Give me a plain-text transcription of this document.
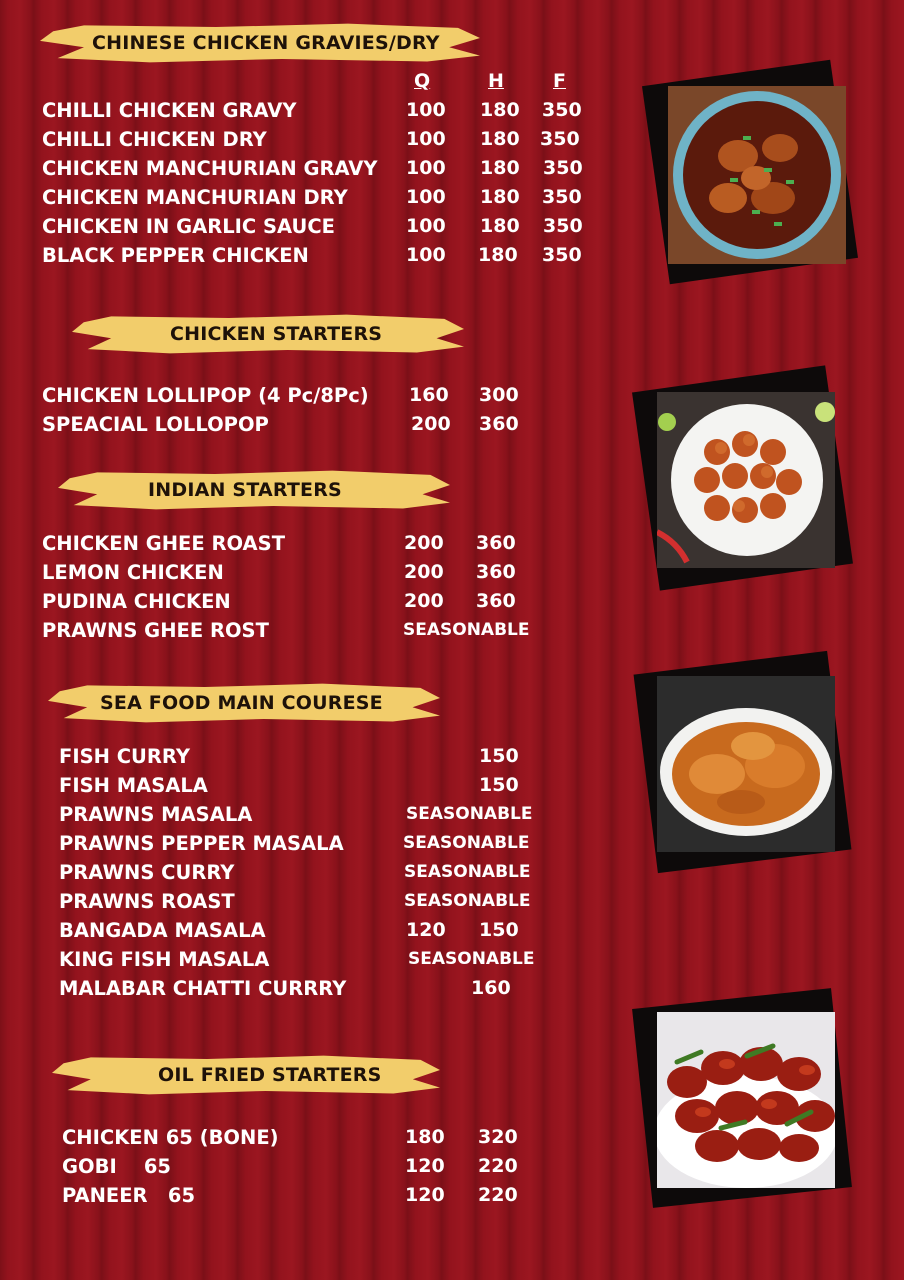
CHINESE CHICKEN GRAVIES/DRY
Q	H	F
CHILLI CHICKEN GRAVY	100 180 350
CHILLI CHICKEN DRY	100 180 350
CHICKEN MANCHURIAN GRAVY 100 180 350
CHICKEN MANCHURIAN DRY	100 180 350
CHICKEN IN GARLIC SAUCE	100 180 350
BLACK PEPPER CHICKEN	100 180 350
CHICKEN STARTERS
CHICKEN LOLLIPOP (4 Pc/8Pc) 160 300
SPEACIAL LOLLOPOP	200 360
INDIAN STARTERS
CHICKEN GHEE ROAST	200 360
LEMON CHICKEN	200 360
PUDINA CHICKEN	200 360
PRAWNS GHEE ROST	SEASONABLE
SEA FOOD MAIN COURESE
FISH CURRY	150
FISH MASALA	150
PRAWNS MASALA	SEASONABLE
PRAWNS PEPPER MASALA	SEASONABLE
PRAWNS CURRY	SEASONABLE
PRAWNS ROAST	SEASONABLE
BANGADA MASALA	120 150
KING FISH MASALA	SEASONABLE
MALABAR CHATTI CURRRY	160
OIL FRIED STARTERS
CHICKEN 65 (BONE)	180 320
GOBI    65	120 220
PANEER   65	120 220
